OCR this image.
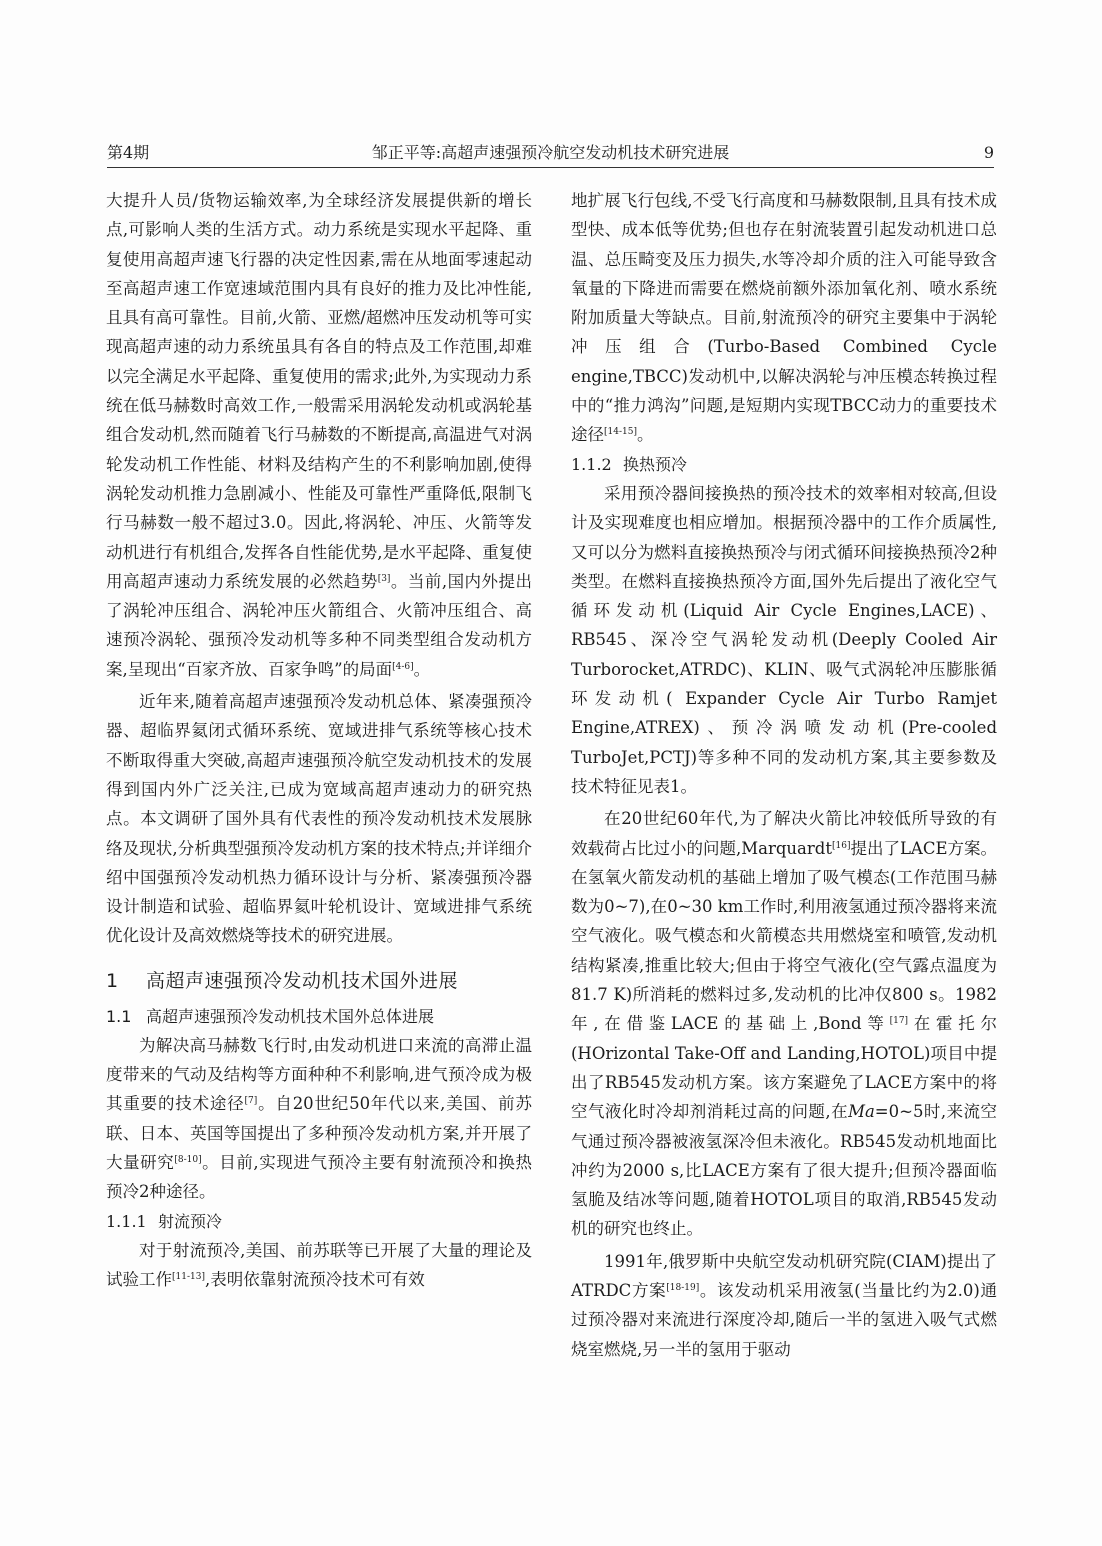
第4期	邹正平等:高超声速强预冷航空发动机技术研究进展	9

大提升人员/货物运输效率,为全球经济发展提供新的增长点,可影响人类的生活方式。动力系统是实现水平起降、重复使用高超声速飞行器的决定性因素,需在从地面零速起动至高超声速工作宽速域范围内具有良好的推力及比冲性能,且具有高可靠性。目前,火箭、亚燃/超燃冲压发动机等可实现高超声速的动力系统虽具有各自的特点及工作范围,却难以完全满足水平起降、重复使用的需求;此外,为实现动力系统在低马赫数时高效工作,一般需采用涡轮发动机或涡轮基组合发动机,然而随着飞行马赫数的不断提高,高温进气对涡轮发动机工作性能、材料及结构产生的不利影响加剧,使得涡轮发动机推力急剧减小、性能及可靠性严重降低,限制飞行马赫数一般不超过3.0。因此,将涡轮、冲压、火箭等发动机进行有机组合,发挥各自性能优势,是水平起降、重复使用高超声速动力系统发展的必然趋势[3]。当前,国内外提出了涡轮冲压组合、涡轮冲压火箭组合、火箭冲压组合、高速预冷涡轮、强预冷发动机等多种不同类型组合发动机方案,呈现出“百家齐放、百家争鸣”的局面[4-6]。

近年来,随着高超声速强预冷发动机总体、紧凑强预冷器、超临界氦闭式循环系统、宽域进排气系统等核心技术不断取得重大突破,高超声速强预冷航空发动机技术的发展得到国内外广泛关注,已成为宽域高超声速动力的研究热点。本文调研了国外具有代表性的预冷发动机技术发展脉络及现状,分析典型强预冷发动机方案的技术特点;并详细介绍中国强预冷发动机热力循环设计与分析、紧凑强预冷器设计制造和试验、超临界氦叶轮机设计、宽域进排气系统优化设计及高效燃烧等技术的研究进展。

1 高超声速强预冷发动机技术国外进展
1.1 高超声速强预冷发动机技术国外总体进展

为解决高马赫数飞行时,由发动机进口来流的高滞止温度带来的气动及结构等方面种种不利影响,进气预冷成为极其重要的技术途径[7]。自20世纪50年代以来,美国、前苏联、日本、英国等国提出了多种预冷发动机方案,并开展了大量研究[8-10]。目前,实现进气预冷主要有射流预冷和换热预冷2种途径。

1.1.1 射流预冷

对于射流预冷,美国、前苏联等已开展了大量的理论及试验工作[11-13],表明依靠射流预冷技术可有效

地扩展飞行包线,不受飞行高度和马赫数限制,且具有技术成型快、成本低等优势;但也存在射流装置引起发动机进口总温、总压畸变及压力损失,水等冷却介质的注入可能导致含氧量的下降进而需要在燃烧前额外添加氧化剂、喷水系统附加质量大等缺点。目前,射流预冷的研究主要集中于涡轮冲压组合(Turbo-Based Combined Cycle engine,TBCC)发动机中,以解决涡轮与冲压模态转换过程中的“推力鸿沟”问题,是短期内实现TBCC动力的重要技术途径[14-15]。

1.1.2 换热预冷

采用预冷器间接换热的预冷技术的效率相对较高,但设计及实现难度也相应增加。根据预冷器中的工作介质属性,又可以分为燃料直接换热预冷与闭式循环间接换热预冷2种类型。在燃料直接换热预冷方面,国外先后提出了液化空气循环发动机(Liquid Air Cycle Engines,LACE)、RB545、深冷空气涡轮发动机(Deeply Cooled Air Turborocket,ATRDC)、KLIN、吸气式涡轮冲压膨胀循环发动机( Expander Cycle Air Turbo Ramjet Engine,ATREX)、预冷涡喷发动机(Pre-cooled TurboJet,PCTJ)等多种不同的发动机方案,其主要参数及技术特征见表1。

在20世纪60年代,为了解决火箭比冲较低所导致的有效载荷占比过小的问题,Marquardt[16]提出了LACE方案。在氢氧火箭发动机的基础上增加了吸气模态(工作范围马赫数为0~7),在0~30 km工作时,利用液氢通过预冷器将来流空气液化。吸气模态和火箭模态共用燃烧室和喷管,发动机结构紧凑,推重比较大;但由于将空气液化(空气露点温度为81.7 K)所消耗的燃料过多,发动机的比冲仅800 s。1982年,在借鉴LACE的基础上,Bond等[17]在霍托尔(HOrizontal Take-Off and Landing,HOTOL)项目中提出了RB545发动机方案。该方案避免了LACE方案中的将空气液化时冷却剂消耗过高的问题,在Ma=0~5时,来流空气通过预冷器被液氢深冷但未液化。RB545发动机地面比冲约为2000 s,比LACE方案有了很大提升;但预冷器面临氢脆及结冰等问题,随着HOTOL项目的取消,RB545发动机的研究也终止。

1991年,俄罗斯中央航空发动机研究院(CIAM)提出了ATRDC方案[18-19]。该发动机采用液氢(当量比约为2.0)通过预冷器对来流进行深度冷却,随后一半的氢进入吸气式燃烧室燃烧,另一半的氢用于驱动
